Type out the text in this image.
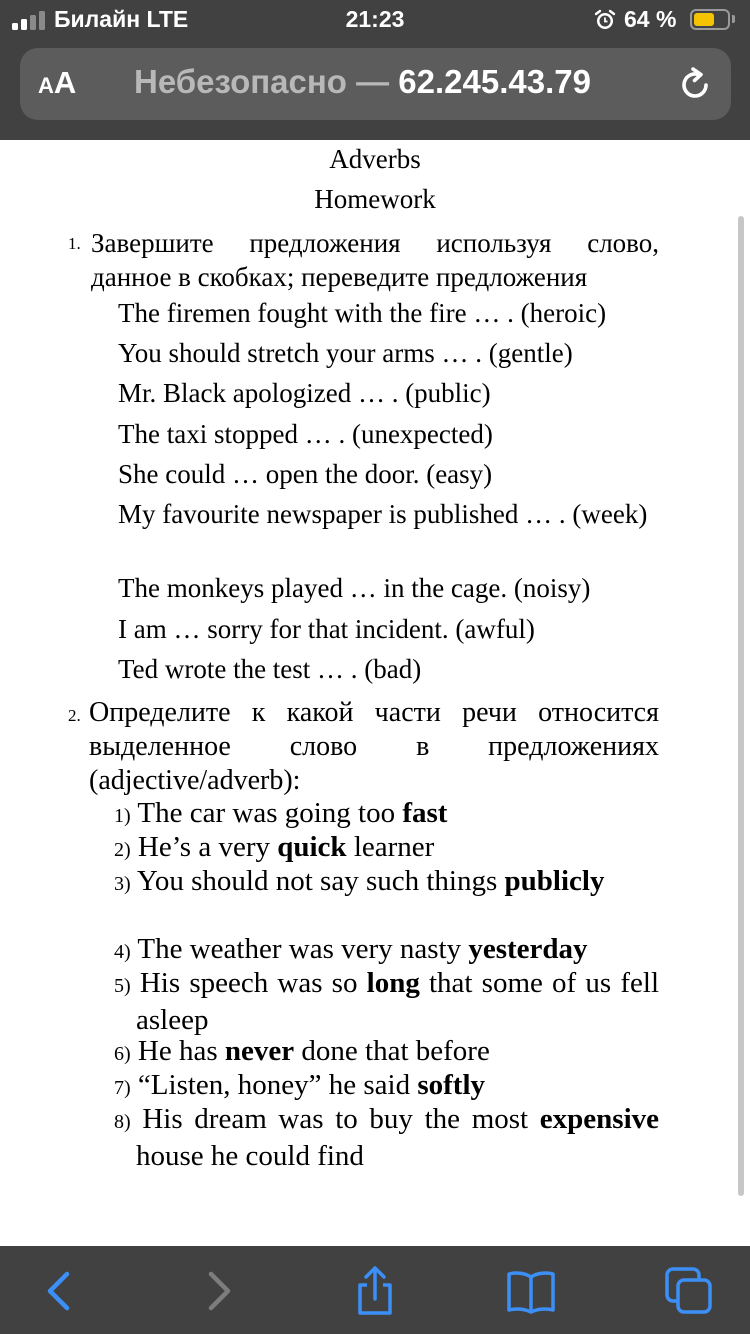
Билайн LTE	21:23	64 %
AA Небезопасно — 62.245.43.79
Adverbs
Homework
1. Завершите предложения используя слово, данное в скобках; переведите предложения
The firemen fought with the fire … . (heroic)
You should stretch your arms … . (gentle)
Mr. Black apologized … . (public)
The taxi stopped … . (unexpected)
She could … open the door. (easy)
My favourite newspaper is published … . (week)
The monkeys played … in the cage. (noisy)
I am … sorry for that incident. (awful)
Ted wrote the test … . (bad)
2. Определите к какой части речи относится выделенное слово в предложениях (adjective/adverb):
1) The car was going too fast
2) He’s a very quick learner
3) You should not say such things publicly
4) The weather was very nasty yesterday
5) His speech was so long that some of us fell asleep
6) He has never done that before
7) “Listen, honey” he said softly
8) His dream was to buy the most expensive house he could find
